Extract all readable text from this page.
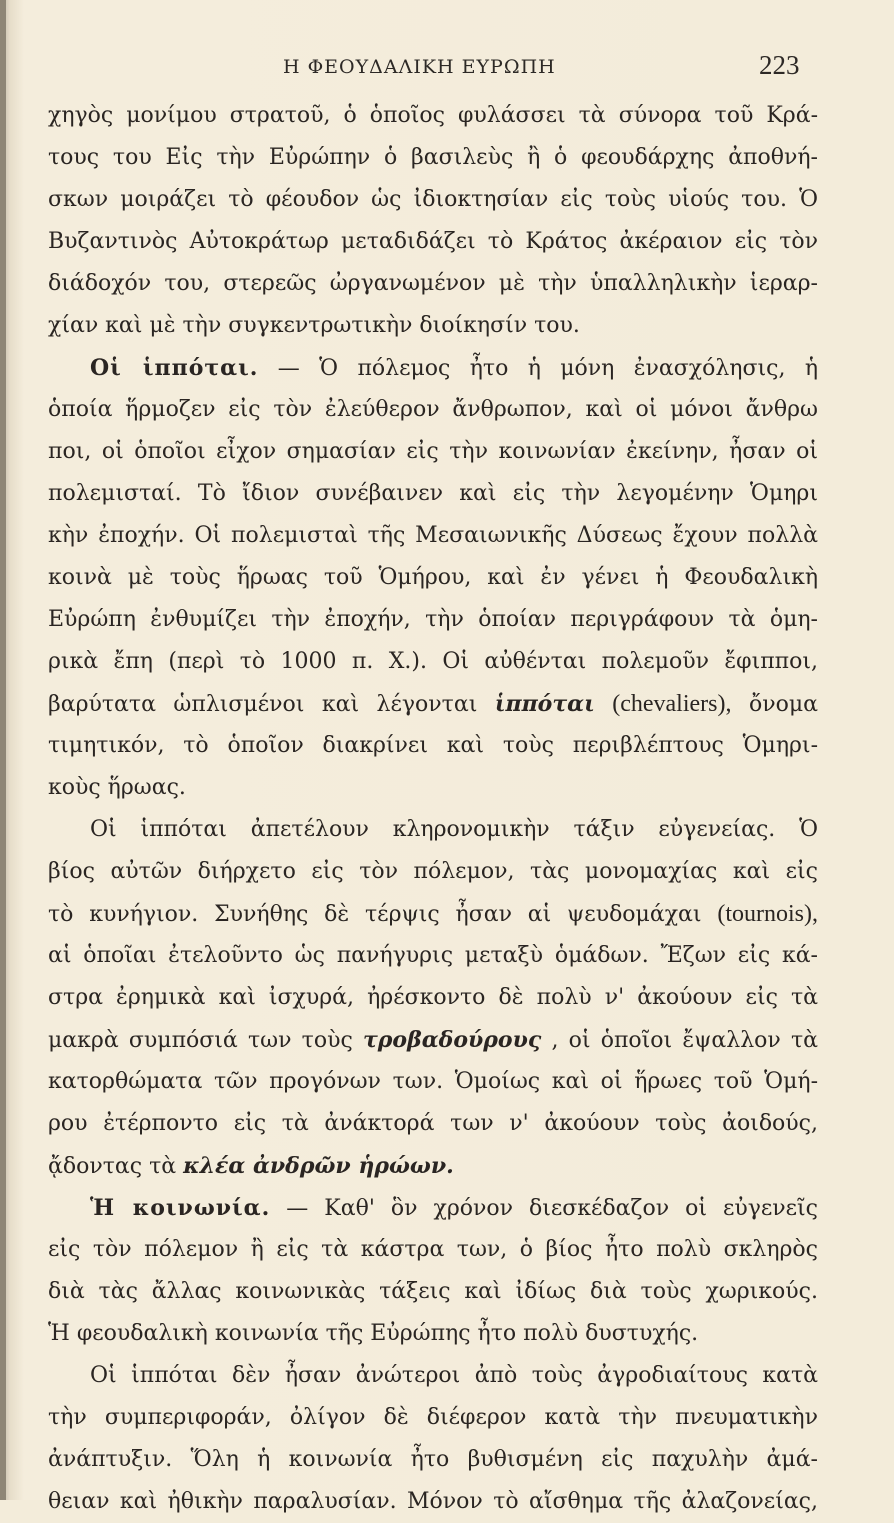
Η ΦΕΟΥΔΑΛΙΚΗ ΕΥΡΩΠΗ	223
χηγὸς μονίμου στρατοῦ, ὁ ὁποῖος φυλάσσει τὰ σύνορα τοῦ Κρά-
τους του Εἰς τὴν Εὐρώπην ὁ βασιλεὺς ἢ ὁ φεουδάρχης ἀποθνή-
σκων μοιράζει τὸ φέουδον ὡς ἰδιοκτησίαν εἰς τοὺς υἱούς του. Ὁ
Βυζαντινὸς Αὐτοκράτωρ μεταδιδάζει τὸ Κράτος ἀκέραιον εἰς τὸν
διάδοχόν του, στερεῶς ὠργανωμένον μὲ τὴν ὑπαλληλικὴν ἱεραρ-
χίαν καὶ μὲ τὴν συγκεντρωτικὴν διοίκησίν του.
Οἱ ἱππόται. — Ὁ πόλεμος ἦτο ἡ μόνη ἐνασχόλησις, ἡ
ὁποία ἥρμοζεν εἰς τὸν ἐλεύθερον ἄνθρωπον, καὶ οἱ μόνοι ἄνθρω
ποι, οἱ ὁποῖοι εἶχον σημασίαν εἰς τὴν κοινωνίαν ἐκείνην, ἦσαν οἱ
πολεμισταί. Τὸ ἴδιον συνέβαινεν καὶ εἰς τὴν λεγομένην Ὁμηρι
κὴν ἐποχήν. Οἱ πολεμισταὶ τῆς Μεσαιωνικῆς Δύσεως ἔχουν πολλὰ
κοινὰ μὲ τοὺς ἥρωας τοῦ Ὁμήρου, καὶ ἐν γένει ἡ Φεουδαλικὴ
Εὐρώπη ἐνθυμίζει τὴν ἐποχήν, τὴν ὁποίαν περιγράφουν τὰ ὁμη-
ρικὰ ἔπη (περὶ τὸ 1000 π. Χ.). Οἱ αὐθένται πολεμοῦν ἔφιπποι,
βαρύτατα ὡπλισμένοι καὶ λέγονται ἱππόται (chevaliers), ὄνομα
τιμητικόν, τὸ ὁποῖον διακρίνει καὶ τοὺς περιβλέπτους Ὁμηρι-
κοὺς ἥρωας.
Οἱ ἱππόται ἀπετέλουν κληρονομικὴν τάξιν εὐγενείας. Ὁ
βίος αὐτῶν διήρχετο εἰς τὸν πόλεμον, τὰς μονομαχίας καὶ εἰς
τὸ κυνήγιον. Συνήθης δὲ τέρψις ἦσαν αἱ ψευδομάχαι (tournois),
αἱ ὁποῖαι ἐτελοῦντο ὡς πανήγυρις μεταξὺ ὁμάδων. Ἔζων εἰς κά-
στρα ἐρημικὰ καὶ ἰσχυρά, ἠρέσκοντο δὲ πολὺ ν' ἀκούουν εἰς τὰ
μακρὰ συμπόσιά των τοὺς τροβαδούρους , οἱ ὁποῖοι ἔψαλλον τὰ
κατορθώματα τῶν προγόνων των. Ὁμοίως καὶ οἱ ἥρωες τοῦ Ὁμή-
ρου ἐτέρποντο εἰς τὰ ἀνάκτορά των ν' ἀκούουν τοὺς ἀοιδούς,
ᾄδοντας τὰ κλέα ἀνδρῶν ἡρώων.
Ἡ κοινωνία. — Καθ' ὃν χρόνον διεσκέδαζον οἱ εὐγενεῖς
εἰς τὸν πόλεμον ἢ εἰς τὰ κάστρα των, ὁ βίος ἦτο πολὺ σκληρὸς
διὰ τὰς ἄλλας κοινωνικὰς τάξεις καὶ ἰδίως διὰ τοὺς χωρικούς.
Ἡ φεουδαλικὴ κοινωνία τῆς Εὐρώπης ἦτο πολὺ δυστυχής.
Οἱ ἱππόται δὲν ἦσαν ἀνώτεροι ἀπὸ τοὺς ἀγροδιαίτους κατὰ
τὴν συμπεριφοράν, ὀλίγον δὲ διέφερον κατὰ τὴν πνευματικὴν
ἀνάπτυξιν. Ὅλη ἡ κοινωνία ἦτο βυθισμένη εἰς παχυλὴν ἀμά-
θειαν καὶ ἠθικὴν παραλυσίαν. Μόνον τὸ αἴσθημα τῆς ἀλαζονείας,
